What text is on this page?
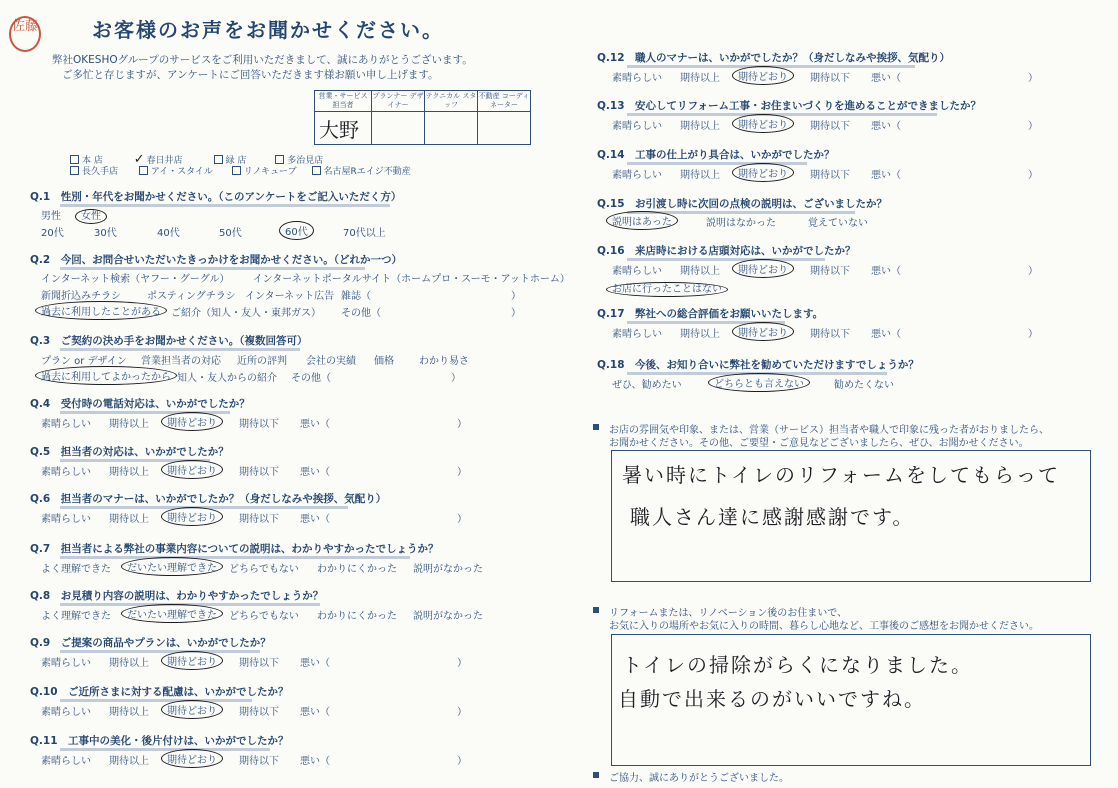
佐藤	お客様のお声をお聞かせください。
弊社OKESHOグループのサービスをご利用いただきまして、誠にありがとうございます。
ご多忙と存じますが、アンケートにご回答いただきます様お願い申し上げます。
営業・サービス 担当者	プランナー デザイナー	テクニカル スタッフ	不動産 コーディネーター
大野			
本 店 ✓ 春日井店	緑 店	多治見店
長久手店	アイ・スタイル	リノキューブ	名古屋Rエイジ不動産
Q.1　性別・年代をお聞かせください。（このアンケートをご記入いただく方）
男性 女性
20代	30代	40代	50代	60代	70代以上
Q.2　今回、お問合せいただいたきっかけをお聞かせください。（どれか一つ）
インターネット検索（ヤフー・グーグル） インターネットポータルサイト（ホームプロ・スーモ・アットホーム）
新聞折込みチラシ	ポスティングチラシ インターネット広告 雑誌（	）
過去に利用したことがある	ご紹介（知人・友人・東邦ガス） その他（	）
Q.3　ご契約の決め手をお聞かせください。（複数回答可）
プラン or デザイン 営業担当者の対応 近所の評判 会社の実績 価格	わかり易さ
過去に利用してよかったから 知人・友人からの紹介 その他（	）
Q.4　受付時の電話対応は、いかがでしたか？
素晴らしい 期待以上	期待どおり	期待以下 悪い（	）
Q.5　担当者の対応は、いかがでしたか？
素晴らしい 期待以上	期待どおり	期待以下 悪い（	）
Q.6　担当者のマナーは、いかがでしたか？（身だしなみや挨拶、気配り）
素晴らしい 期待以上	期待どおり	期待以下 悪い（	）
Q.9　ご提案の商品やプランは、いかがでしたか？
素晴らしい 期待以上	期待どおり	期待以下 悪い（	）
Q.10　ご近所さまに対する配慮は、いかがでしたか？
素晴らしい 期待以上	期待どおり	期待以下 悪い（	）
Q.11　工事中の美化・後片付けは、いかがでしたか？
素晴らしい 期待以上	期待どおり	期待以下 悪い（	）
Q.7　担当者による弊社の事業内容についての説明は、わかりやすかったでしょうか？
よく理解できた	だいたい理解できた	どちらでもない わかりにくかった 説明がなかった
Q.8　お見積り内容の説明は、わかりやすかったでしょうか？
よく理解できた	だいたい理解できた	どちらでもない わかりにくかった 説明がなかった
Q.12　職人のマナーは、いかがでしたか？（身だしなみや挨拶、気配り）
素晴らしい 期待以上	期待どおり	期待以下 悪い（	）
Q.13　安心してリフォーム工事・お住まいづくりを進めることができましたか？
素晴らしい 期待以上	期待どおり	期待以下 悪い（	）
Q.14　工事の仕上がり具合は、いかがでしたか？
素晴らしい 期待以上	期待どおり	期待以下 悪い（	）
Q.16　来店時における店頭対応は、いかがでしたか？
素晴らしい 期待以上	期待どおり	期待以下 悪い（	）
Q.17　弊社への総合評価をお願いいたします。
素晴らしい 期待以上	期待どおり	期待以下 悪い（	）
Q.15　お引渡し時に次回の点検の説明は、ございましたか？
説明はあった	説明はなかった	覚えていない
お店に行ったことはない
Q.18　今後、お知り合いに弊社を勧めていただけますでしょうか？
ぜひ、勧めたい	どちらとも言えない	勧めたくない
お店の雰囲気や印象、または、営業（サービス）担当者や職人で印象に残った者がおりましたら、
お聞かせください。その他、ご要望・ご意見などございましたら、ぜひ、お聞かせください。
暑い時にトイレのリフォームをしてもらって
職人さん達に感謝感謝です。
リフォームまたは、リノベーション後のお住まいで、
お気に入りの場所やお気に入りの時間、暮らし心地など、工事後のご感想をお聞かせください。
トイレの掃除がらくになりました。
自動で出来るのがいいですね。
ご協力、誠にありがとうございました。
